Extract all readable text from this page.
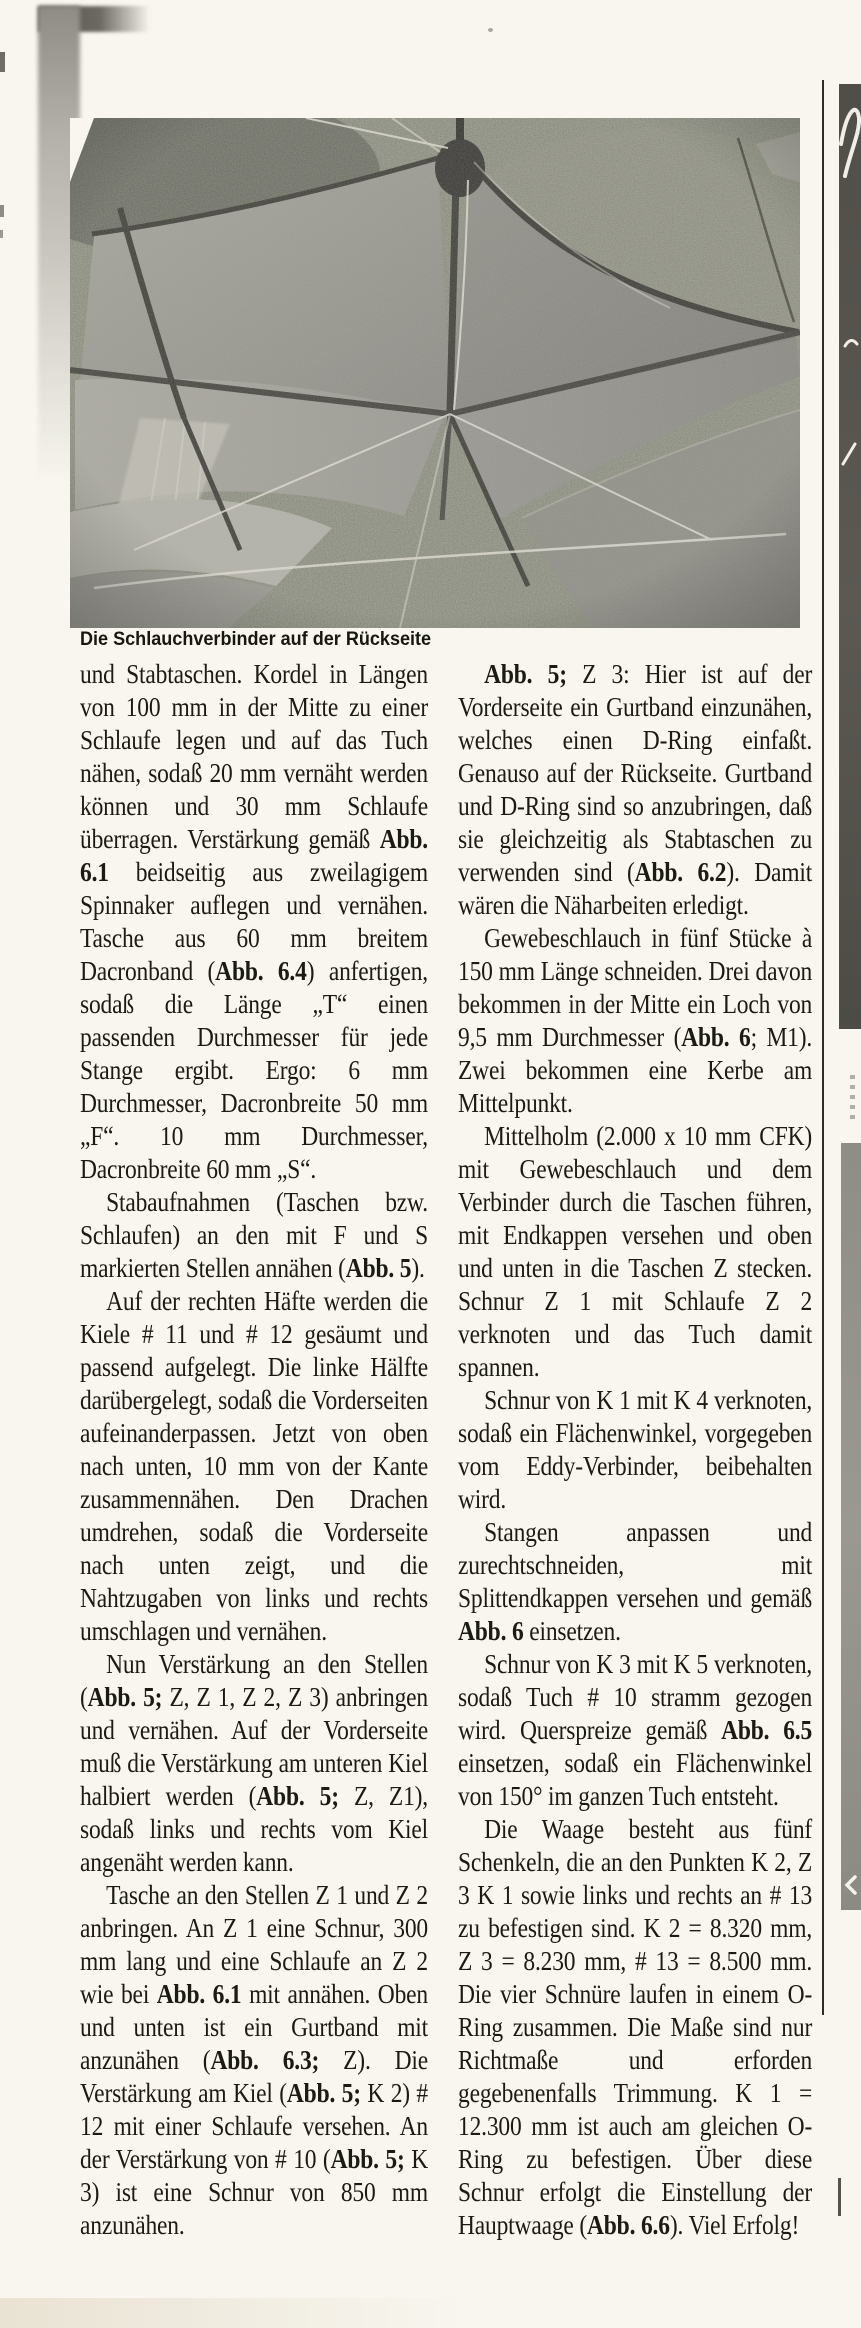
Die Schlauchverbinder auf der Rückseite

und Stabtaschen. Kordel in Längen von 100 mm in der Mitte zu einer Schlaufe legen und auf das Tuch nähen, sodaß 20 mm vernäht werden können und 30 mm Schlaufe überragen. Verstärkung gemäß Abb. 6.1 beidseitig aus zweilagigem Spinnaker auflegen und vernähen. Tasche aus 60 mm breitem Dacronband (Abb. 6.4) anfertigen, sodaß die Länge „T“ einen passenden Durchmesser für jede Stange ergibt. Ergo: 6 mm Durchmesser, Dacronbreite 50 mm „F“. 10 mm Durchmesser, Dacronbreite 60 mm „S“.

Stabaufnahmen (Taschen bzw. Schlaufen) an den mit F und S markierten Stellen annähen (Abb. 5).

Auf der rechten Häfte werden die Kiele # 11 und # 12 gesäumt und passend aufgelegt. Die linke Hälfte darübergelegt, sodaß die Vorderseiten aufeinanderpassen. Jetzt von oben nach unten, 10 mm von der Kante zusammennähen. Den Drachen umdrehen, sodaß die Vorderseite nach unten zeigt, und die Nahtzugaben von links und rechts umschlagen und vernähen.

Nun Verstärkung an den Stellen (Abb. 5; Z, Z 1, Z 2, Z 3) anbringen und vernähen. Auf der Vorderseite muß die Verstärkung am unteren Kiel halbiert werden (Abb. 5; Z, Z1), sodaß links und rechts vom Kiel angenäht werden kann.

Tasche an den Stellen Z 1 und Z 2 anbringen. An Z 1 eine Schnur, 300 mm lang und eine Schlaufe an Z 2 wie bei Abb. 6.1 mit annähen. Oben und unten ist ein Gurtband mit anzunähen (Abb. 6.3; Z). Die Verstärkung am Kiel (Abb. 5; K 2) # 12 mit einer Schlaufe versehen. An der Verstärkung von # 10 (Abb. 5; K 3) ist eine Schnur von 850 mm anzunähen.

Abb. 5; Z 3: Hier ist auf der Vorderseite ein Gurtband einzunähen, welches einen D-Ring einfaßt. Genauso auf der Rückseite. Gurtband und D-Ring sind so anzubringen, daß sie gleichzeitig als Stabtaschen zu verwenden sind (Abb. 6.2). Damit wären die Näharbeiten erledigt.

Gewebeschlauch in fünf Stücke à 150 mm Länge schneiden. Drei davon bekommen in der Mitte ein Loch von 9,5 mm Durchmesser (Abb. 6; M1). Zwei bekommen eine Kerbe am Mittelpunkt.

Mittelholm (2.000 x 10 mm CFK) mit Gewebeschlauch und dem Verbinder durch die Taschen führen, mit Endkappen versehen und oben und unten in die Taschen Z stecken. Schnur Z 1 mit Schlaufe Z 2 verknoten und das Tuch damit spannen.

Schnur von K 1 mit K 4 verknoten, sodaß ein Flächenwinkel, vorgegeben vom Eddy-Verbinder, beibehalten wird.

Stangen anpassen und zurechtschneiden, mit Splittendkappen versehen und gemäß Abb. 6 einsetzen.

Schnur von K 3 mit K 5 verknoten, sodaß Tuch # 10 stramm gezogen wird. Querspreize gemäß Abb. 6.5 einsetzen, sodaß ein Flächenwinkel von 150° im ganzen Tuch entsteht.

Die Waage besteht aus fünf Schenkeln, die an den Punkten K 2, Z 3 K 1 sowie links und rechts an # 13 zu befestigen sind. K 2 = 8.320 mm, Z 3 = 8.230 mm, # 13 = 8.500 mm. Die vier Schnüre laufen in einem O-Ring zusammen. Die Maße sind nur Richtmaße und erforden gegebenenfalls Trimmung. K 1 = 12.300 mm ist auch am gleichen O-Ring zu befestigen. Über diese Schnur erfolgt die Einstellung der Hauptwaage (Abb. 6.6). Viel Erfolg!
